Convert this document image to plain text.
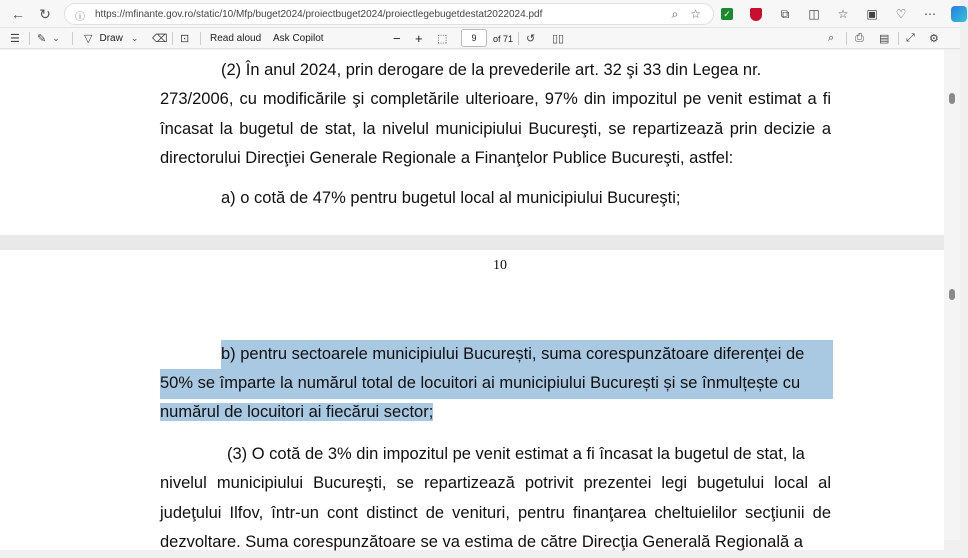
←	↻	ⓘ https://mfinante.gov.ro/static/10/Mfp/buget2024/proiectbuget2024/proiectlegebugetdestat2022024.pdf	⌕ ☆ ✓	⧉	◫	☆	▣	♡	⋯
☰ ✎ ⌄ ▽ Draw ⌄ ⌫ ⊡ Read aloud Ask Copilot	− + ⬚	9	of 71 ↺ ▯▯	⌕ ⎙ ▤ ⤢ ⚙
(2) În anul 2024, prin derogare de la prevederile art. 32 şi 33 din Legea nr.
273/2006, cu modificările şi completările ulterioare, 97% din impozitul pe venit estimat a fi încasat la bugetul de stat, la nivelul municipiului Bucureşti, se repartizează prin decizie a directorului Direcţiei Generale Regionale a Finanţelor Publice Bucureşti, astfel:
a) o cotă de 47% pentru bugetul local al municipiului Bucureşti;
10
b) pentru sectoarele municipiului București, suma corespunzătoare diferenței de
50% se împarte la numărul total de locuitori ai municipiului București și se înmulțește cu
numărul de locuitori ai fiecărui sector;
(3) O cotă de 3% din impozitul pe venit estimat a fi încasat la bugetul de stat, la
nivelul municipiului Bucureşti, se repartizează potrivit prezentei legi bugetului local al judeţului Ilfov, într-un cont distinct de venituri, pentru finanţarea cheltuielilor secţiunii de dezvoltare. Suma corespunzătoare se va estima de către Direcţia Generală Regională a
